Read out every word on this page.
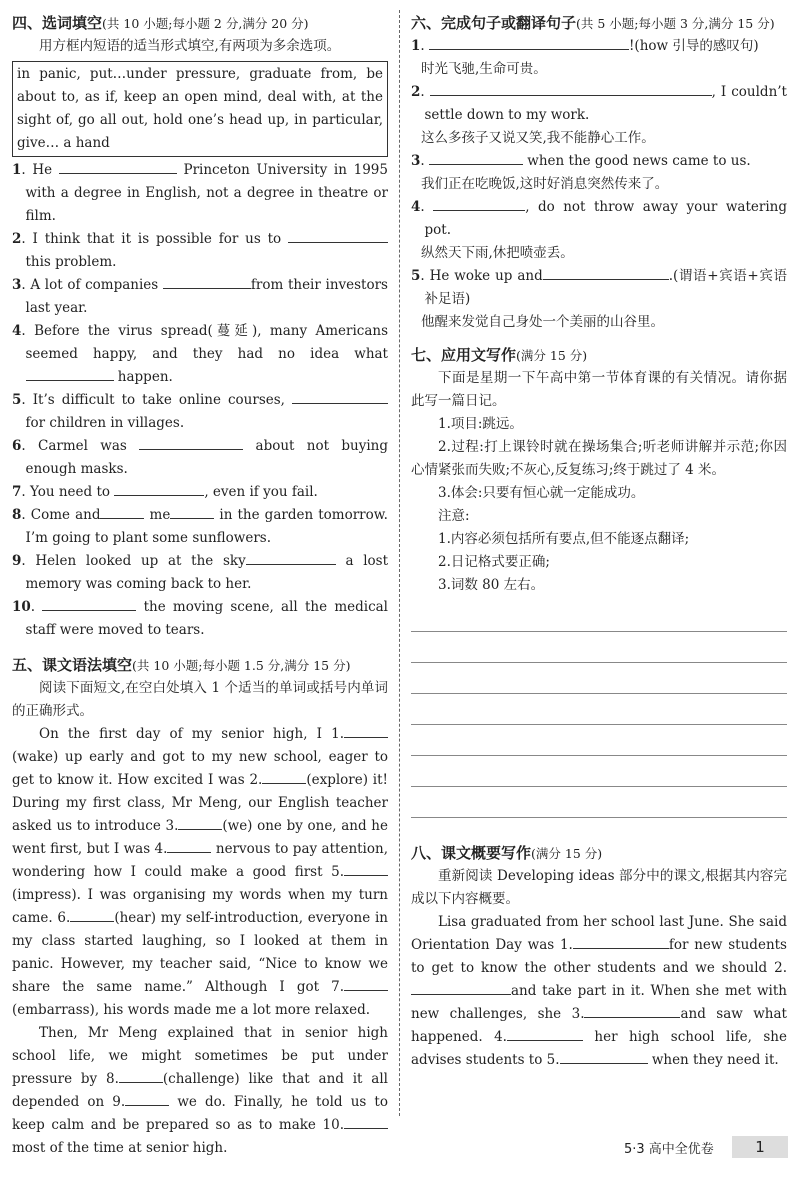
四、选词填空(共 10 小题;每小题 2 分,满分 20 分)
用方框内短语的适当形式填空,有两项为多余选项。
in panic, put…under pressure, graduate from, be about to, as if, keep an open mind, deal with, at the sight of, go all out, hold one’s head up, in particular, give… a hand
1. He	Princeton University in 1995 with a degree in English, not a degree in theatre or film.
2. I think that it is possible for us to  this problem.
3. A lot of companies	from their investors last year.
4. Before the virus spread(蔓延), many Americans seemed happy, and they had no idea what happen.
5. It’s difficult to take online courses,  for children in villages.
6. Carmel was	about not buying enough masks.
7. You need to	, even if you fail.
8. Come and	me	in the garden tomorrow. I’m going to plant some sunflowers.
9. Helen looked up at the sky	a lost memory was coming back to her.
10.	the moving scene, all the medical staff were moved to tears.
五、课文语法填空(共 10 小题;每小题 1.5 分,满分 15 分)
阅读下面短文,在空白处填入 1 个适当的单词或括号内单词的正确形式。
On the first day of my senior high, I 1.(wake) up early and got to my new school, eager to get to know it. How excited I was 2.	(explore) it! During my first class, Mr Meng, our English teacher asked us to introduce 3.	(we) one by one, and he went first, but I was 4.	nervous to pay attention, wondering how I could make a good first 5.(impress). I was organising my words when my turn came. 6.	(hear) my self-introduction, everyone in my class started laughing, so I looked at them in panic. However, my teacher said, “Nice to know we share the same name.” Although I got 7.(embarrass), his words made me a lot more relaxed.
Then, Mr Meng explained that in senior high school life, we might sometimes be put under pressure by 8.	(challenge) like that and it all depended on 9.	we do. Finally, he told us to keep calm and be prepared so as to make 10. most of the time at senior high.
六、完成句子或翻译句子(共 5 小题;每小题 3 分,满分 15 分)
1.	!(how 引导的感叹句)
时光飞驰,生命可贵。
2.	, I couldn’t settle down to my work.
这么多孩子又说又笑,我不能静心工作。
3.	when the good news came to us.
我们正在吃晚饭,这时好消息突然传来了。
4.	, do not throw away your watering pot.
纵然天下雨,休把喷壶丢。
5. He woke up and	.(谓语+宾语+宾语补足语)
他醒来发觉自己身处一个美丽的山谷里。
七、应用文写作(满分 15 分)
下面是星期一下午高中第一节体育课的有关情况。请你据此写一篇日记。
1.项目:跳远。
2.过程:打上课铃时就在操场集合;听老师讲解并示范;你因心情紧张而失败;不灰心,反复练习;终于跳过了 4 米。
3.体会:只要有恒心就一定能成功。
注意:
1.内容必须包括所有要点,但不能逐点翻译;
2.日记格式要正确;
3.词数 80 左右。
八、课文概要写作(满分 15 分)
重新阅读 Developing ideas 部分中的课文,根据其内容完成以下内容概要。
Lisa graduated from her school last June. She said Orientation Day was 1.	for new students to get to know the other students and we should 2.and take part in it. When she met with new challenges, she 3.	and saw what happened. 4.	her high school life, she advises students to 5.	when they need it.
5·3 高中全优卷	1
